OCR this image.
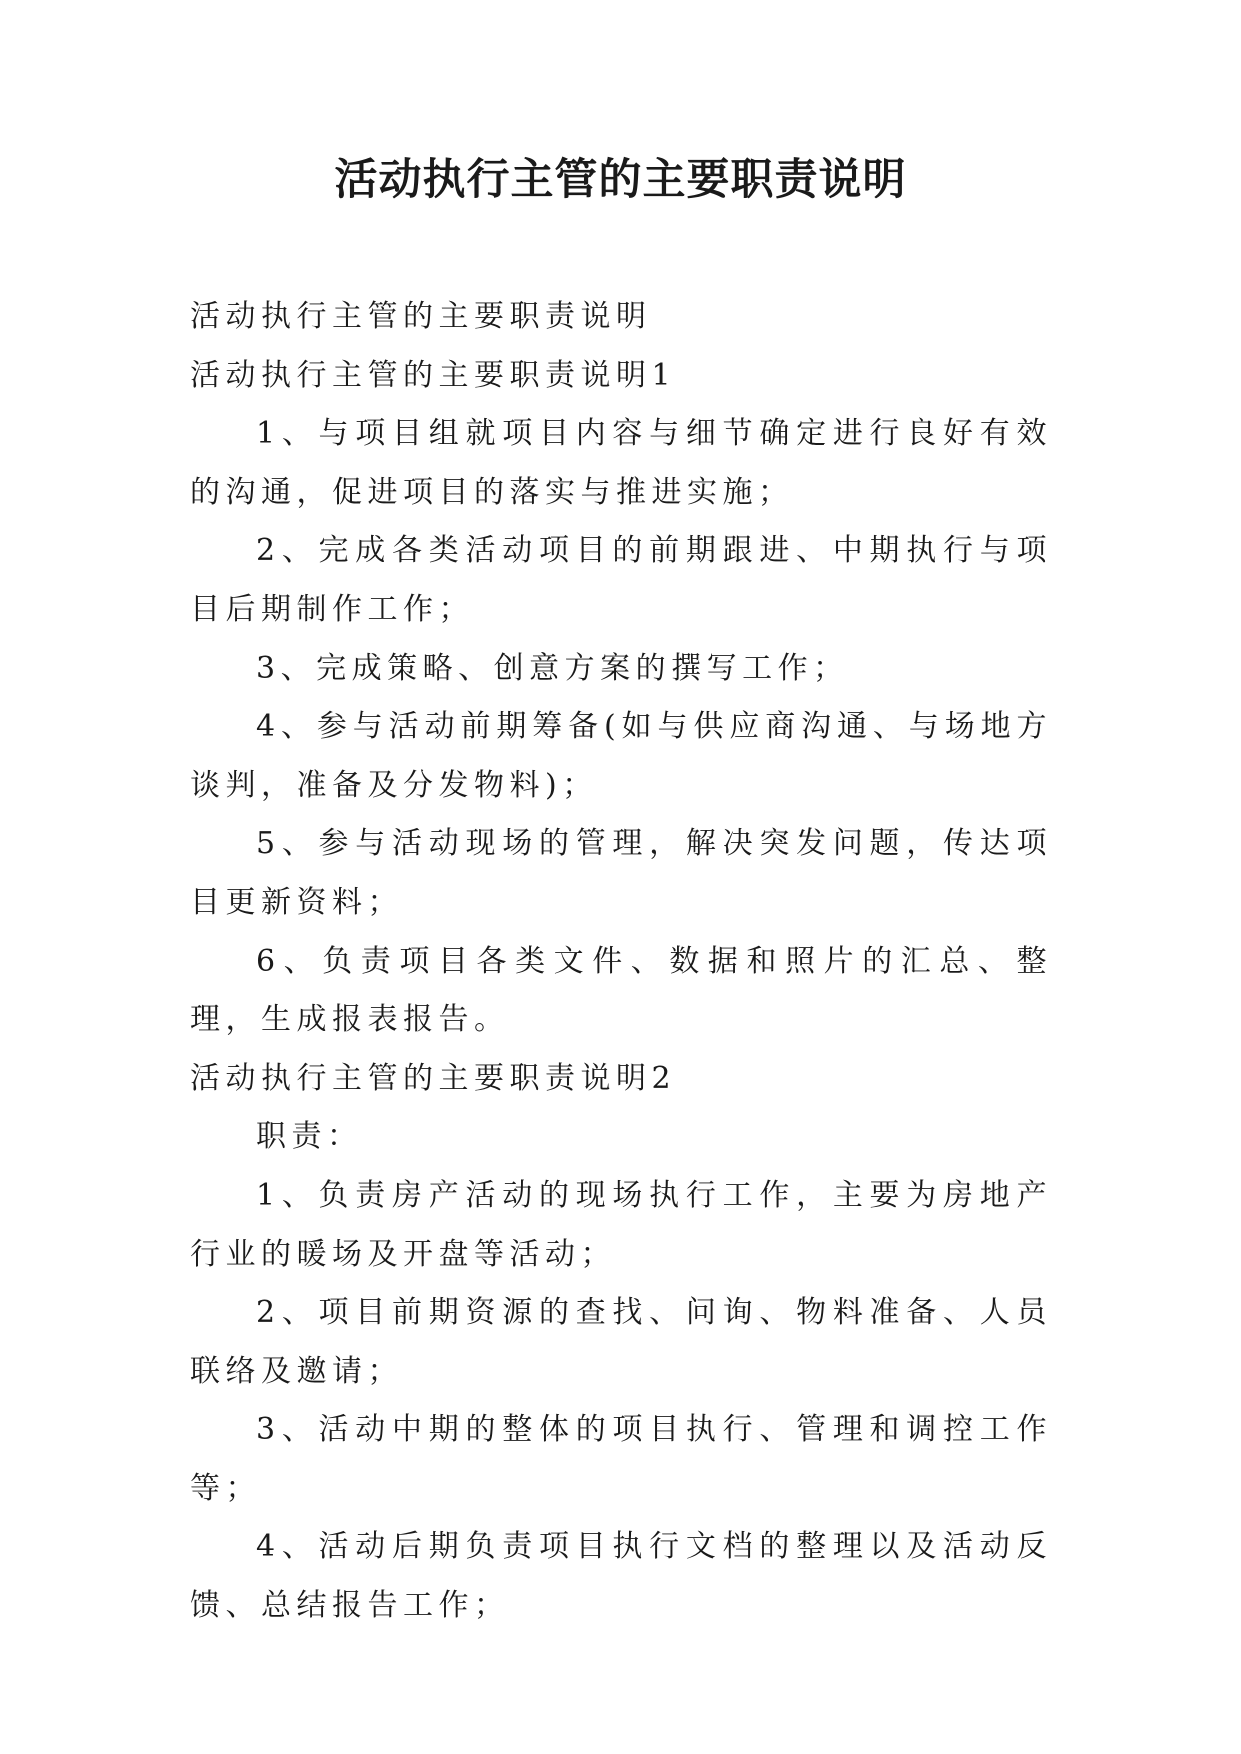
活动执行主管的主要职责说明

活动执行主管的主要职责说明

活动执行主管的主要职责说明1

1、与项目组就项目内容与细节确定进行良好有效的沟通，促进项目的落实与推进实施；

2、完成各类活动项目的前期跟进、中期执行与项目后期制作工作；

3、完成策略、创意方案的撰写工作；

4、参与活动前期筹备(如与供应商沟通、与场地方谈判，准备及分发物料)；

5、参与活动现场的管理，解决突发问题，传达项目更新资料；

6、负责项目各类文件、数据和照片的汇总、整理，生成报表报告。

活动执行主管的主要职责说明2

职责：

1、负责房产活动的现场执行工作，主要为房地产行业的暖场及开盘等活动；

2、项目前期资源的查找、问询、物料准备、人员联络及邀请；

3、活动中期的整体的项目执行、管理和调控工作等；

4、活动后期负责项目执行文档的整理以及活动反馈、总结报告工作；
